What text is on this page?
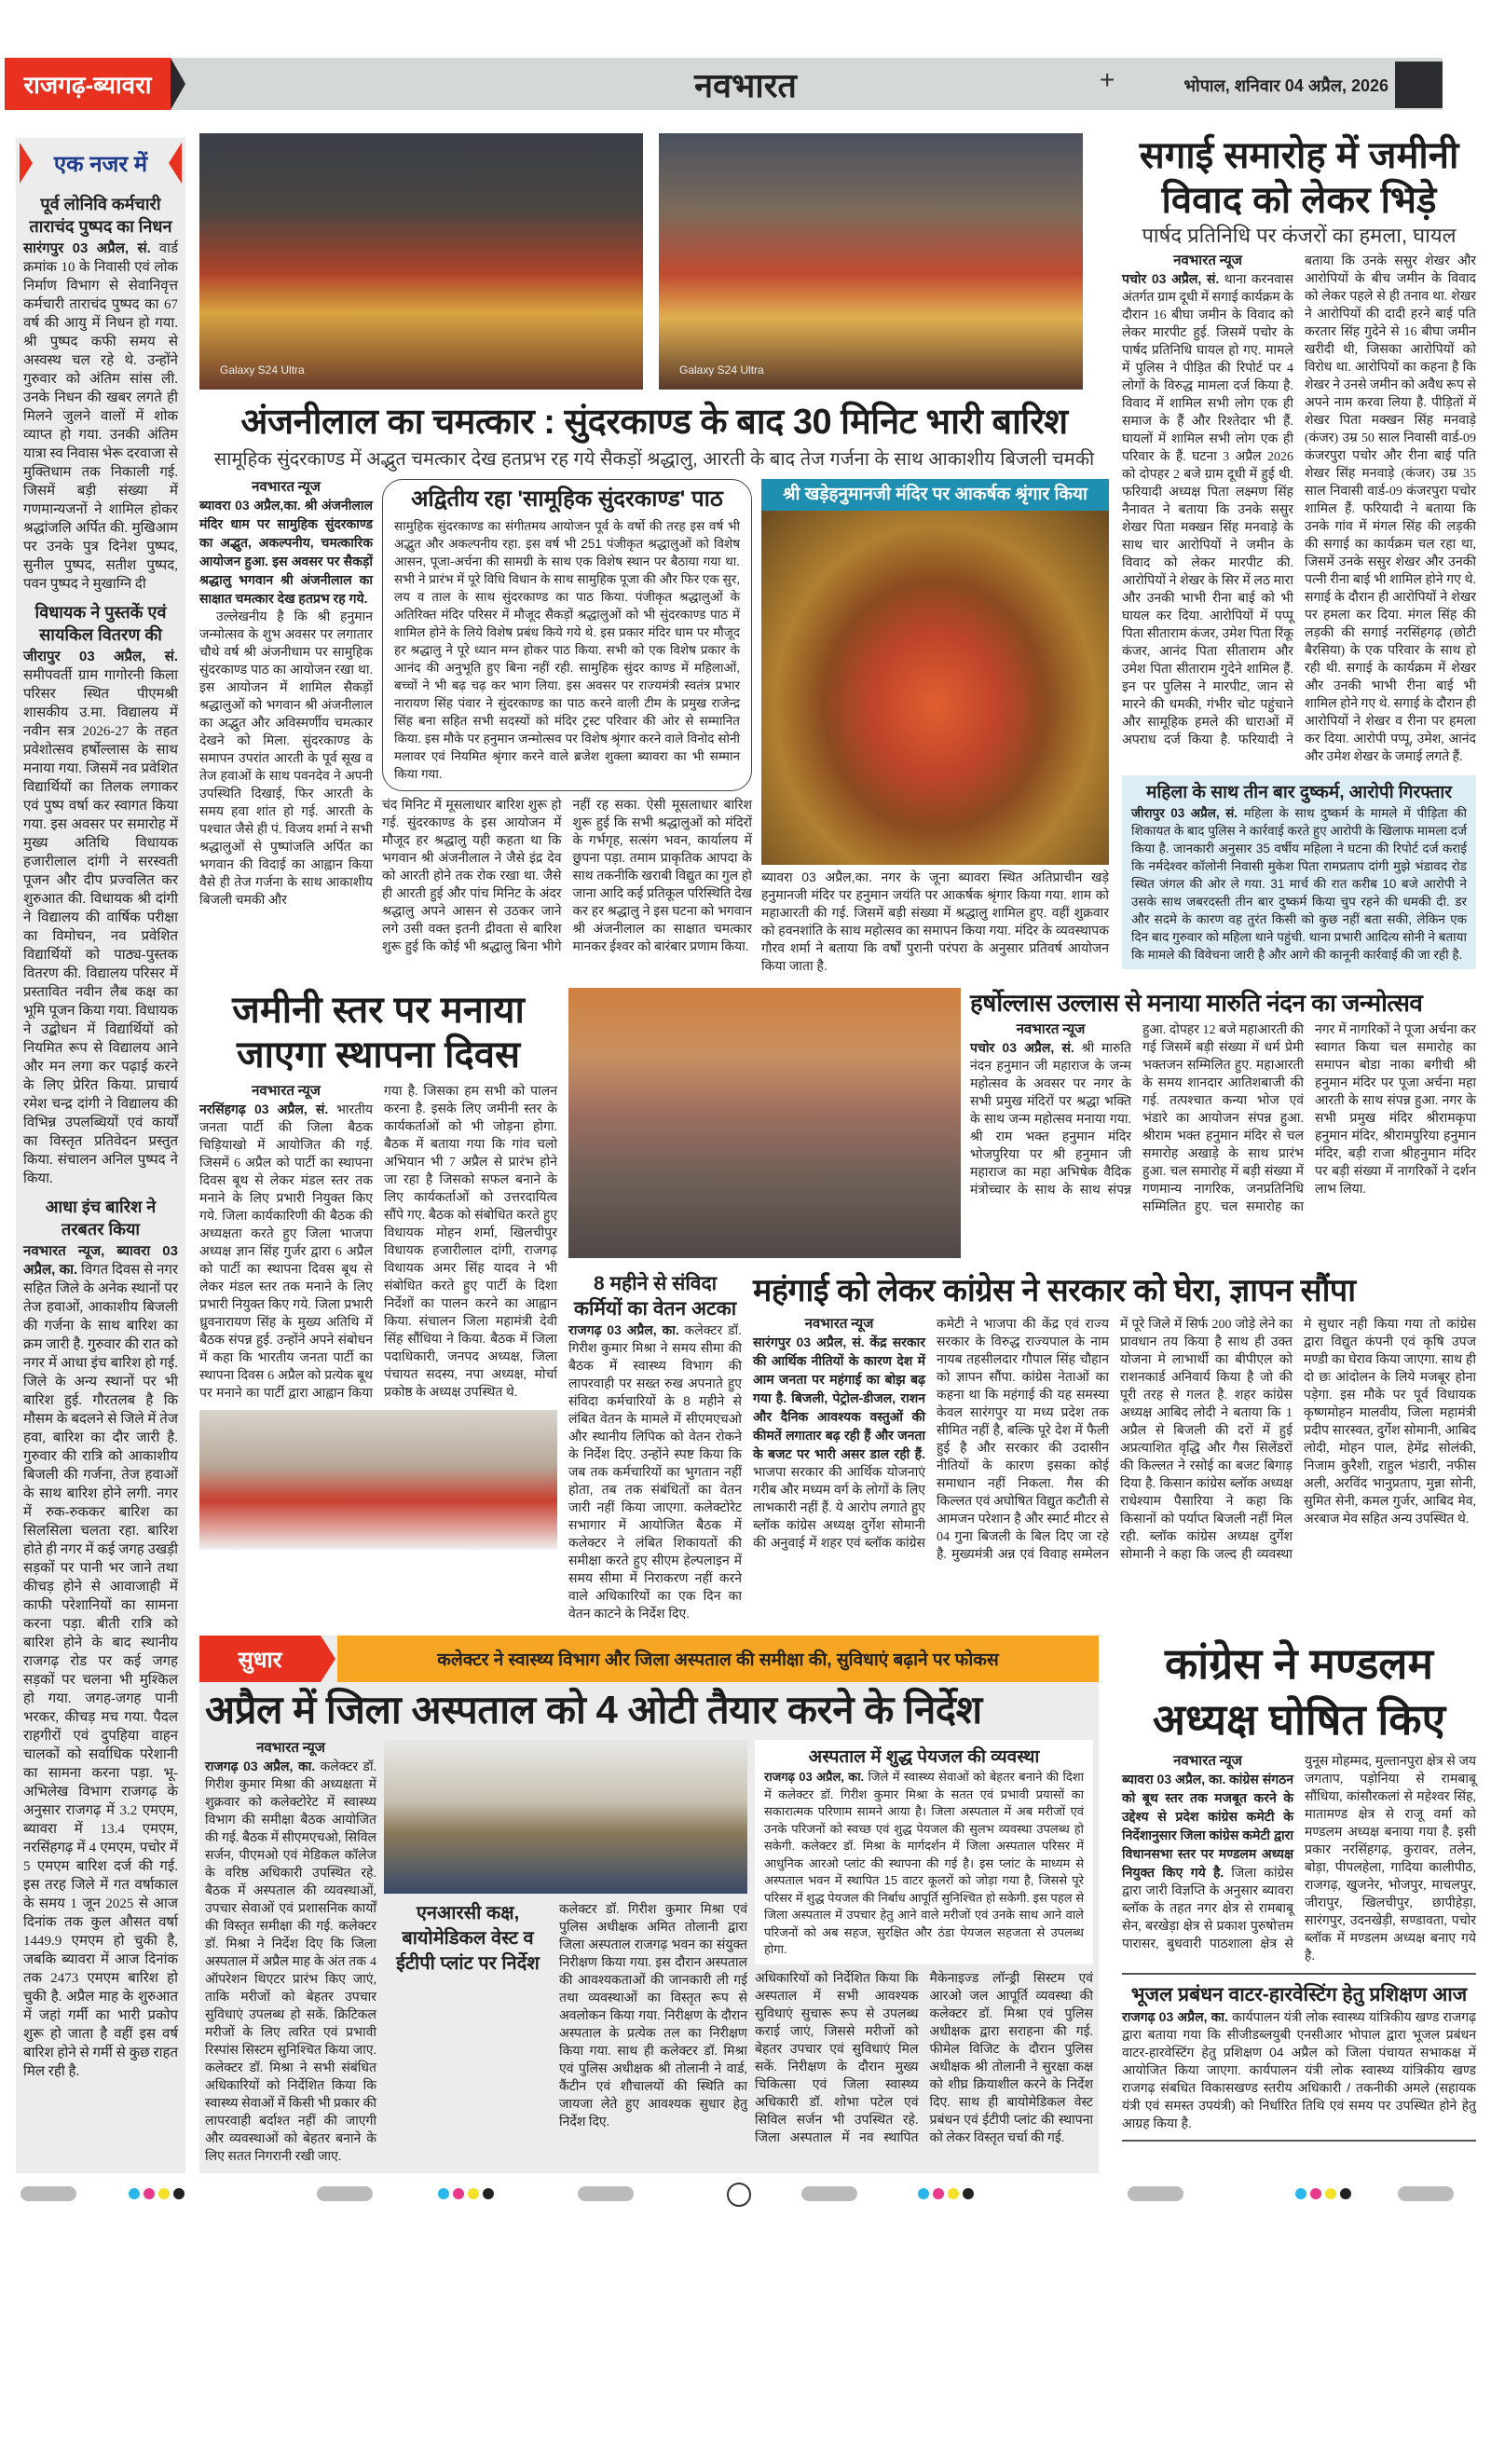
राजगढ़-ब्यावरा	नवभारत	+	भोपाल, शनिवार 04 अप्रैल, 2026
एक नजर में
पूर्व लोनिवि कर्मचारी ताराचंद पुष्पद का निधन
सारंगपुर 03 अप्रैल, सं. वार्ड क्रमांक 10 के निवासी एवं लोक निर्माण विभाग से सेवानिवृत्त कर्मचारी ताराचंद पुष्पद का 67 वर्ष की आयु में निधन हो गया. श्री पुष्पद कफी समय से अस्वस्थ चल रहे थे. उन्होंने गुरुवार को अंतिम सांस ली. उनके निधन की खबर लगते ही मिलने जुलने वालों में शोक व्याप्त हो गया. उनकी अंतिम यात्रा स्व निवास भेरू दरवाजा से मुक्तिधाम तक निकाली गई. जिसमें बड़ी संख्या में गणमान्यजनों ने शामिल होकर श्रद्धांजलि अर्पित की. मुखिआम पर उनके पुत्र दिनेश पुष्पद, सुनील पुष्पद, सतीश पुष्पद, पवन पुष्पद ने मुखाग्नि दी
विधायक ने पुस्तकें एवं सायकिल वितरण की
जीरापुर 03 अप्रैल, सं. समीपवर्ती ग्राम गागोरनी किला परिसर स्थित पीएमश्री शासकीय उ.मा. विद्यालय में नवीन सत्र 2026-27 के तहत प्रवेशोत्सव हर्षोल्लास के साथ मनाया गया. जिसमें नव प्रवेशित विद्यार्थियों का तिलक लगाकर एवं पुष्प वर्षा कर स्वागत किया गया. इस अवसर पर समारोह में मुख्य अतिथि विधायक हजारीलाल दांगी ने सरस्वती पूजन और दीप प्रज्वलित कर शुरुआत की. विधायक श्री दांगी ने विद्यालय की वार्षिक परीक्षा का विमोचन, नव प्रवेशित विद्यार्थियों को पाठ्य-पुस्तक वितरण की. विद्यालय परिसर में प्रस्तावित नवीन लैब कक्ष का भूमि पूजन किया गया. विधायक ने उद्बोधन में विद्यार्थियों को नियमित रूप से विद्यालय आने और मन लगा कर पढ़ाई करने के लिए प्रेरित किया. प्राचार्य रमेश चन्द्र दांगी ने विद्यालय की विभिन्न उपलब्धियों एवं कार्यों का विस्तृत प्रतिवेदन प्रस्तुत किया. संचालन अनिल पुष्पद ने किया.
आधा इंच बारिश ने तरबतर किया
नवभारत न्यूज, ब्यावरा 03 अप्रैल, का. विगत दिवस से नगर सहित जिले के अनेक स्थानों पर तेज हवाओं, आकाशीय बिजली की गर्जना के साथ बारिश का क्रम जारी है. गुरुवार की रात को नगर में आधा इंच बारिश हो गई. जिले के अन्य स्थानों पर भी बारिश हुई. गौरतलब है कि मौसम के बदलने से जिले में तेज हवा, बारिश का दौर जारी है. गुरुवार की रात्रि को आकाशीय बिजली की गर्जना, तेज हवाओं के साथ बारिश होने लगी. नगर में रुक-रुककर बारिश का सिलसिला चलता रहा. बारिश होते ही नगर में कई जगह उखड़ी सड़कों पर पानी भर जाने तथा कीचड़ होने से आवाजाही में काफी परेशानियों का सामना करना पड़ा. बीती रात्रि को बारिश होने के बाद स्थानीय राजगढ़ रोड पर कई जगह सड़कों पर चलना भी मुश्किल हो गया. जगह-जगह पानी भरकर, कीचड़ मच गया. पैदल राहगीरों एवं दुपहिया वाहन चालकों को सर्वाधिक परेशानी का सामना करना पड़ा. भू-अभिलेख विभाग राजगढ़ के अनुसार राजगढ़ में 3.2 एमएम, ब्यावरा में 13.4 एमएम, नरसिंहगढ़ में 4 एमएम, पचोर में 5 एमएम बारिश दर्ज की गई. इस तरह जिले में गत वर्षाकाल के समय 1 जून 2025 से आज दिनांक तक कुल औसत वर्षा 1449.9 एमएम हो चुकी है, जबकि ब्यावरा में आज दिनांक तक 2473 एमएम बारिश हो चुकी है. अप्रैल माह के शुरुआत में जहां गर्मी का भारी प्रकोप शुरू हो जाता है वहीं इस वर्ष बारिश होने से गर्मी से कुछ राहत मिल रही है.
Galaxy S24 Ultra	Galaxy S24 Ultra
अंजनीलाल का चमत्कार : सुंदरकाण्ड के बाद 30 मिनिट भारी बारिश
सामूहिक सुंदरकाण्ड में अद्भुत चमत्कार देख हतप्रभ रह गये सैकड़ों श्रद्धालु, आरती के बाद तेज गर्जना के साथ आकाशीय बिजली चमकी
नवभारत न्यूज
ब्यावरा 03 अप्रैल,का. श्री अंजनीलाल मंदिर धाम पर सामुहिक सुंदरकाण्ड का अद्भुत, अकल्पनीय, चमत्कारिक आयोजन हुआ. इस अवसर पर सैकड़ों श्रद्धालु भगवान श्री अंजनीलाल का साक्षात चमत्कार देख हतप्रभ रह गये.
उल्लेखनीय है कि श्री हनुमान जन्मोत्सव के शुभ अवसर पर लगातार चौथे वर्ष श्री अंजनीधाम पर सामुहिक सुंदरकाण्ड पाठ का आयोजन रखा था. इस आयोजन में शामिल सैकड़ों श्रद्धालुओं को भगवान श्री अंजनीलाल का अद्भुत और अविस्मर्णीय चमत्कार देखने को मिला. सुंदरकाण्ड के समापन उपरांत आरती के पूर्व सूख व तेज हवाओं के साथ पवनदेव ने अपनी उपस्थिति दिखाई, फिर आरती के समय हवा शांत हो गई. आरती के पश्चात जैसे ही पं. विजय शर्मा ने सभी श्रद्धालुओं से पुष्पांजलि अर्पित का भगवान की विदाई का आह्वान किया वैसे ही तेज गर्जना के साथ आकाशीय बिजली चमकी और
अद्वितीय रहा 'सामूहिक सुंदरकाण्ड' पाठ
सामुहिक सुंदरकाण्ड का संगीतमय आयोजन पूर्व के वर्षो की तरह इस वर्ष भी अद्भुत और अकल्पनीय रहा. इस वर्ष भी 251 पंजीकृत श्रद्धालुओं को विशेष आसन, पूजा-अर्चना की सामग्री के साथ एक विशेष स्थान पर बैठाया गया था. सभी ने प्रारंभ में पूरे विधि विधान के साथ सामुहिक पूजा की और फिर एक सुर, लय व ताल के साथ सुंदरकाण्ड का पाठ किया. पंजीकृत श्रद्धालुओं के अतिरिक्त मंदिर परिसर में मौजूद सैकड़ों श्रद्धालुओं को भी सुंदरकाण्ड पाठ में शामिल होने के लिये विशेष प्रबंध किये गये थे. इस प्रकार मंदिर धाम पर मौजूद हर श्रद्धालु ने पूरे ध्यान मग्न होकर पाठ किया. सभी को एक विशेष प्रकार के आनंद की अनुभूति हुए बिना नहीं रही. सामुहिक सुंदर काण्ड में महिलाओं, बच्चों ने भी बढ़ चढ़ कर भाग लिया. इस अवसर पर राज्यमंत्री स्वतंत्र प्रभार नारायण सिंह पंवार ने सुंदरकाण्ड का पाठ करने वाली टीम के प्रमुख राजेन्द्र सिंह बना सहित सभी सदस्यों को मंदिर ट्रस्ट परिवार की ओर से सम्मानित किया. इस मौके पर हनुमान जन्मोत्सव पर विशेष श्रृंगार करने वाले विनोद सोनी मलावर एवं नियमित श्रृंगार करने वाले ब्रजेश शुक्ला ब्यावरा का भी सम्मान किया गया.
चंद मिनिट में मूसलाधार बारिश शुरू हो गई. सुंदरकाण्ड के इस आयोजन में मौजूद हर श्रद्धालु यही कहता था कि भगवान श्री अंजनीलाल ने जैसे इंद्र देव को आरती होने तक रोक रखा था. जैसे ही आरती हुई और पांच मिनिट के अंदर श्रद्धालु अपने आसन से उठकर जाने लगे उसी वक्त इतनी द्रीवता से बारिश शुरू हुई कि कोई भी श्रद्धालु बिना भीगे नहीं रह सका. ऐसी मूसलाधार बारिश शुरू हुई कि सभी श्रद्धालुओं को मंदिरों के गर्भगृह, सत्संग भवन, कार्यालय में छुपना पड़ा. तमाम प्राकृतिक आपदा के साथ तकनीकि खराबी विद्युत का गुल हो जाना आदि कई प्रतिकूल परिस्थिति देख कर हर श्रद्धालु ने इस घटना को भगवान श्री अंजनीलाल का साक्षात चमत्कार मानकर ईश्वर को बारंबार प्रणाम किया.
श्री खड़ेहनुमानजी मंदिर पर आकर्षक श्रृंगार किया
ब्यावरा 03 अप्रैल,का. नगर के जूना ब्यावरा स्थित अतिप्राचीन खड़े हनुमानजी मंदिर पर हनुमान जयंति पर आकर्षक श्रृंगार किया गया. शाम को महाआरती की गई. जिसमें बड़ी संख्या में श्रद्धालु शामिल हुए. वहीं शुक्रवार को हवनशांति के साथ महोत्सव का समापन किया गया. मंदिर के व्यवस्थापक गौरव शर्मा ने बताया कि वर्षों पुरानी परंपरा के अनुसार प्रतिवर्ष आयोजन किया जाता है.
सगाई समारोह में जमीनी विवाद को लेकर भिड़े
पार्षद प्रतिनिधि पर कंजरों का हमला, घायल
नवभारत न्यूज
पचोर 03 अप्रैल, सं. थाना करनवास अंतर्गत ग्राम दूधी में सगाई कार्यक्रम के दौरान 16 बीघा जमीन के विवाद को लेकर मारपीट हुई. जिसमें पचोर के पार्षद प्रतिनिधि घायल हो गए. मामले में पुलिस ने पीड़ित की रिपोर्ट पर 4 लोगों के विरुद्ध मामला दर्ज किया है. विवाद में शामिल सभी लोग एक ही समाज के हैं और रिश्तेदार भी हैं. घायलों में शामिल सभी लोग एक ही परिवार के हैं. घटना 3 अप्रैल 2026 को दोपहर 2 बजे ग्राम दूधी में हुई थी. फरियादी अध्यक्ष पिता लक्ष्मण सिंह नैनावत ने बताया कि उनके ससुर शेखर पिता मक्खन सिंह मनवाड़े के साथ चार आरोपियों ने जमीन के विवाद को लेकर मारपीट की. आरोपियों ने शेखर के सिर में लठ मारा और उनकी भाभी रीना बाई को भी घायल कर दिया. आरोपियों में पप्पू पिता सीताराम कंजर, उमेश पिता रिंकू कंजर, आनंद पिता सीताराम और उमेश पिता सीताराम गुदेने शामिल हैं. इन पर पुलिस ने मारपीट, जान से मारने की धमकी, गंभीर चोट पहुंचाने और सामूहिक हमले की धाराओं में अपराध दर्ज किया है. फरियादी ने बताया कि उनके ससुर शेखर और आरोपियों के बीच जमीन के विवाद को लेकर पहले से ही तनाव था. शेखर ने आरोपियों की दादी हरने बाई पति करतार सिंह गुदेने से 16 बीघा जमीन खरीदी थी, जिसका आरोपियों को विरोध था. आरोपियों का कहना है कि शेखर ने उनसे जमीन को अवैध रूप से अपने नाम करवा लिया है. पीड़ितों में शेखर पिता मक्खन सिंह मनवाड़े (कंजर) उम्र 50 साल निवासी वार्ड-09 कंजरपुरा पचोर और रीना बाई पति शेखर सिंह मनवाड़े (कंजर) उम्र 35 साल निवासी वार्ड-09 कंजरपुरा पचोर शामिल हैं. फरियादी ने बताया कि उनके गांव में मंगल सिंह की लड़की की सगाई का कार्यक्रम चल रहा था, जिसमें उनके ससुर शेखर और उनकी पत्नी रीना बाई भी शामिल होने गए थे. सगाई के दौरान ही आरोपियों ने शेखर पर हमला कर दिया. मंगल सिंह की लड़की की सगाई नरसिंहगढ़ (छोटी बैरसिया) के एक परिवार के साथ हो रही थी. सगाई के कार्यक्रम में शेखर और उनकी भाभी रीना बाई भी शामिल होने गए थे. सगाई के दौरान ही आरोपियों ने शेखर व रीना पर हमला कर दिया. आरोपी पप्पू, उमेश, आनंद और उमेश शेखर के जमाई लगते हैं.
महिला के साथ तीन बार दुष्कर्म, आरोपी गिरफ्तार
जीरापुर 03 अप्रैल, सं. महिला के साथ दुष्कर्म के मामले में पीड़िता की शिकायत के बाद पुलिस ने कार्रवाई करते हुए आरोपी के खिलाफ मामला दर्ज किया है. जानकारी अनुसार 35 वर्षीय महिला ने घटना की रिपोर्ट दर्ज कराई कि नर्मदेश्वर कॉलोनी निवासी मुकेश पिता रामप्रताप दांगी मुझे भंडावद रोड स्थित जंगल की ओर ले गया. 31 मार्च की रात करीब 10 बजे आरोपी ने उसके साथ जबरदस्ती तीन बार दुष्कर्म किया चुप रहने की धमकी दी. डर और सदमे के कारण वह तुरंत किसी को कुछ नहीं बता सकी, लेकिन एक दिन बाद गुरुवार को महिला थाने पहुंची. थाना प्रभारी आदित्य सोनी ने बताया कि मामले की विवेचना जारी है और आगे की कानूनी कार्रवाई की जा रही है.
जमीनी स्तर पर मनाया जाएगा स्थापना दिवस
नवभारत न्यूज
नरसिंहगढ़ 03 अप्रैल, सं. भारतीय जनता पार्टी की जिला बैठक चिड़ियाखो में आयोजित की गई. जिसमें 6 अप्रैल को पार्टी का स्थापना दिवस बूथ से लेकर मंडल स्तर तक मनाने के लिए प्रभारी नियुक्त किए गये. जिला कार्यकारिणी की बैठक की अध्यक्षता करते हुए जिला भाजपा अध्यक्ष ज्ञान सिंह गुर्जर द्वारा 6 अप्रैल को पार्टी का स्थापना दिवस बूथ से लेकर मंडल स्तर तक मनाने के लिए प्रभारी नियुक्त किए गये. जिला प्रभारी ध्रुवनारायण सिंह के मुख्य अतिथि में बैठक संपन्न हुई. उन्होंने अपने संबोधन में कहा कि भारतीय जनता पार्टी का स्थापना दिवस 6 अप्रैल को प्रत्येक बूथ पर मनाने का पार्टी द्वारा आह्वान किया गया है. जिसका हम सभी को पालन करना है. इसके लिए जमीनी स्तर के कार्यकर्ताओं को भी जोड़ना होगा. बैठक में बताया गया कि गांव चलो अभियान भी 7 अप्रैल से प्रारंभ होने जा रहा है जिसको सफल बनाने के लिए कार्यकर्ताओं को उत्तरदायित्व सौंपे गए. बैठक को संबोधित करते हुए विधायक मोहन शर्मा, खिलचीपुर विधायक हजारीलाल दांगी, राजगढ़ विधायक अमर सिंह यादव ने भी संबोधित करते हुए पार्टी के दिशा निर्देशों का पालन करने का आह्वान किया. संचालन जिला महामंत्री देवी सिंह सौंधिया ने किया. बैठक में जिला पदाधिकारी, जनपद अध्यक्ष, जिला पंचायत सदस्य, नपा अध्यक्ष, मोर्चा प्रकोष्ठ के अध्यक्ष उपस्थित थे.
हर्षोल्लास उल्लास से मनाया मारुति नंदन का जन्मोत्सव
नवभारत न्यूज
पचोर 03 अप्रैल, सं. श्री मारुति नंदन हनुमान जी महाराज के जन्म महोत्सव के अवसर पर नगर के सभी प्रमुख मंदिरों पर श्रद्धा भक्ति के साथ जन्म महोत्सव मनाया गया. श्री राम भक्त हनुमान मंदिर भोजपुरिया पर श्री हनुमान जी महाराज का महा अभिषेक वैदिक मंत्रोच्चार के साथ के साथ संपन्न हुआ. दोपहर 12 बजे महाआरती की गई जिसमें बड़ी संख्या में धर्म प्रेमी भक्तजन सम्मिलित हुए. महाआरती के समय शानदार आतिशबाजी की गई. तत्पश्चात कन्या भोज एवं भंडारे का आयोजन संपन्न हुआ. श्रीराम भक्त हनुमान मंदिर से चल समारोह अखाड़े के साथ प्रारंभ हुआ. चल समारोह में बड़ी संख्या में गणमान्य नागरिक, जनप्रतिनिधि सम्मिलित हुए. चल समारोह का नगर में नागरिकों ने पूजा अर्चना कर स्वागत किया चल समारोह का समापन बोडा नाका बगीची श्री हनुमान मंदिर पर पूजा अर्चना महा आरती के साथ संपन्न हुआ. नगर के सभी प्रमुख मंदिर श्रीरामकृपा हनुमान मंदिर, श्रीरामपुरिया हनुमान मंदिर, बड़ी राजा श्रीहनुमान मंदिर पर बड़ी संख्या में नागरिकों ने दर्शन लाभ लिया.
8 महीने से संविदा कर्मियों का वेतन अटका
राजगढ़ 03 अप्रैल, का. कलेक्टर डॉ. गिरीश कुमार मिश्रा ने समय सीमा की बैठक में स्वास्थ्य विभाग की लापरवाही पर सख्त रुख अपनाते हुए संविदा कर्मचारियों के 8 महीने से लंबित वेतन के मामले में सीएमएचओ और स्थानीय लिपिक को वेतन रोकने के निर्देश दिए. उन्होंने स्पष्ट किया कि जब तक कर्मचारियों का भुगतान नहीं होता, तब तक संबंधितों का वेतन जारी नहीं किया जाएगा. कलेक्टोरेट सभागार में आयोजित बैठक में कलेक्टर ने लंबित शिकायतों की समीक्षा करते हुए सीएम हेल्पलाइन में समय सीमा में निराकरण नहीं करने वाले अधिकारियों का एक दिन का वेतन काटने के निर्देश दिए.
महंगाई को लेकर कांग्रेस ने सरकार को घेरा, ज्ञापन सौंपा
नवभारत न्यूज
सारंगपुर 03 अप्रैल, सं. केंद्र सरकार की आर्थिक नीतियों के कारण देश में आम जनता पर महंगाई का बोझ बढ़ गया है. बिजली, पेट्रोल-डीजल, राशन और दैनिक आवश्यक वस्तुओं की कीमतें लगातार बढ़ रही हैं और जनता के बजट पर भारी असर डाल रही हैं. भाजपा सरकार की आर्थिक योजनाएं गरीब और मध्यम वर्ग के लोगों के लिए लाभकारी नहीं हैं. ये आरोप लगाते हुए ब्लॉक कांग्रेस अध्यक्ष दुर्गेश सोमानी की अनुवाई में शहर एवं ब्लॉक कांग्रेस कमेटी ने भाजपा की केंद्र एवं राज्य सरकार के विरुद्ध राज्यपाल के नाम नायब तहसीलदार गौपाल सिंह चौहान को ज्ञापन सौंपा. कांग्रेस नेताओं का कहना था कि महंगाई की यह समस्या केवल सारंगपुर या मध्य प्रदेश तक सीमित नहीं है, बल्कि पूरे देश में फैली हुई है और सरकार की उदासीन नीतियों के कारण इसका कोई समाधान नहीं निकला. गैस की किल्लत एवं अघोषित विद्युत कटौती से आमजन परेशान है और स्मार्ट मीटर से 04 गुना बिजली के बिल दिए जा रहे है. मुख्यमंत्री अन्न एवं विवाह सम्मेलन में पूरे जिले में सिर्फ 200 जोड़े लेने का प्रावधान तय किया है साथ ही उक्त योजना मे लाभार्थी का बीपीएल को राशनकार्ड अनिवार्य किया है जो की पूरी तरह से गलत है. शहर कांग्रेस अध्यक्ष आबिद लोदी ने बताया कि 1 अप्रैल से बिजली की दरों में हुई अप्रत्याशित वृद्धि और गैस सिलेंडरों की किल्लत ने रसोई का बजट बिगाड़ दिया है. किसान कांग्रेस ब्लॉक अध्यक्ष राधेश्याम पैसारिया ने कहा कि किसानों को पर्याप्त बिजली नहीं मिल रही. ब्लॉक कांग्रेस अध्यक्ष दुर्गेश सोमानी ने कहा कि जल्द ही व्यवस्था मे सुधार नही किया गया तो कांग्रेस द्वारा विद्युत कंपनी एवं कृषि उपज मण्डी का घेराव किया जाएगा. साथ ही दो छः आंदोलन के लिये मजबूर होना पड़ेगा. इस मौके पर पूर्व विधायक कृष्णमोहन मालवीय, जिला महामंत्री प्रदीप सारस्वत, दुर्गेश सोमानी, आबिद लोदी, मोहन पाल, हेमेंद्र सोलंकी, निजाम कुरैशी, राहुल भंडारी, नफीस अली, अरविंद भानुप्रताप, मुन्ना सोनी, सुमित सेनी, कमल गुर्जर, आबिद मेव, अरबाज मेव सहित अन्य उपस्थित थे.
सुधार	कलेक्टर ने स्वास्थ्य विभाग और जिला अस्पताल की समीक्षा की, सुविधाएं बढ़ाने पर फोकस
अप्रैल में जिला अस्पताल को 4 ओटी तैयार करने के निर्देश
नवभारत न्यूज
राजगढ़ 03 अप्रैल, का. कलेक्टर डॉ. गिरीश कुमार मिश्रा की अध्यक्षता में शुक्रवार को कलेक्टोरेट में स्वास्थ्य विभाग की समीक्षा बैठक आयोजित की गई. बैठक में सीएमएचओ, सिविल सर्जन, पीएमओ एवं मेडिकल कॉलेज के वरिष्ठ अधिकारी उपस्थित रहे. बैठक में अस्पताल की व्यवस्थाओं, उपचार सेवाओं एवं प्रशासनिक कार्यों की विस्तृत समीक्षा की गई. कलेक्टर डॉ. मिश्रा ने निर्देश दिए कि जिला अस्पताल में अप्रैल माह के अंत तक 4 ऑपरेशन थिएटर प्रारंभ किए जाएं, ताकि मरीजों को बेहतर उपचार सुविधाएं उपलब्ध हो सकें. क्रिटिकल मरीजों के लिए त्वरित एवं प्रभावी रिस्पांस सिस्टम सुनिश्चित किया जाए. कलेक्टर डॉ. मिश्रा ने सभी संबंधित अधिकारियों को निर्देशित किया कि स्वास्थ्य सेवाओं में किसी भी प्रकार की लापरवाही बर्दाश्त नहीं की जाएगी और व्यवस्थाओं को बेहतर बनाने के लिए सतत निगरानी रखी जाए.
एनआरसी कक्ष, बायोमेडिकल वेस्ट व ईटीपी प्लांट पर निर्देश
कलेक्टर डॉ. गिरीश कुमार मिश्रा एवं पुलिस अधीक्षक अमित तोलानी द्वारा जिला अस्पताल राजगढ़ भवन का संयुक्त निरीक्षण किया गया. इस दौरान अस्पताल की आवश्यकताओं की जानकारी ली गई तथा व्यवस्थाओं का विस्तृत रूप से अवलोकन किया गया. निरीक्षण के दौरान अस्पताल के प्रत्येक तल का निरीक्षण किया गया. साथ ही कलेक्टर डॉ. मिश्रा एवं पुलिस अधीक्षक श्री तोलानी ने वार्ड, कैंटीन एवं शौचालयों की स्थिति का जायजा लेते हुए आवश्यक सुधार हेतु निर्देश दिए.
अस्पताल में शुद्ध पेयजल की व्यवस्था
राजगढ़ 03 अप्रैल, का. जिले में स्वास्थ्य सेवाओं को बेहतर बनाने की दिशा में कलेक्टर डॉ. गिरीश कुमार मिश्रा के सतत एवं प्रभावी प्रयासों का सकारात्मक परिणाम सामने आया है। जिला अस्पताल में अब मरीजों एवं उनके परिजनों को स्वच्छ एवं शुद्ध पेयजल की सुलभ व्यवस्था उपलब्ध हो सकेगी. कलेक्टर डॉ. मिश्रा के मार्गदर्शन में जिला अस्पताल परिसर में आधुनिक आरओ प्लांट की स्थापना की गई है। इस प्लांट के माध्यम से अस्पताल भवन में स्थापित 15 वाटर कूलरों को जोड़ा गया है, जिससे पूरे परिसर में शुद्ध पेयजल की निर्बाध आपूर्ति सुनिश्चित हो सकेगी. इस पहल से जिला अस्पताल में उपचार हेतु आने वाले मरीजों एवं उनके साथ आने वाले परिजनों को अब सहज, सुरक्षित और ठंडा पेयजल सहजता से उपलब्ध होगा.
अधिकारियों को निर्देशित किया कि अस्पताल में सभी आवश्यक सुविधाएं सुचारू रूप से उपलब्ध कराई जाएं, जिससे मरीजों को बेहतर उपचार एवं सुविधाएं मिल सकें. निरीक्षण के दौरान मुख्य चिकित्सा एवं जिला स्वास्थ्य अधिकारी डॉ. शोभा पटेल एवं सिविल सर्जन भी उपस्थित रहे. जिला अस्पताल में नव स्थापित मैकेनाइज्ड लॉन्ड्री सिस्टम एवं आरओ जल आपूर्ति व्यवस्था की कलेक्टर डॉ. मिश्रा एवं पुलिस अधीक्षक द्वारा सराहना की गई. फीमेल विजिट के दौरान पुलिस अधीक्षक श्री तोलानी ने सुरक्षा कक्ष को शीघ्र क्रियाशील करने के निर्देश दिए. साथ ही बायोमेडिकल वेस्ट प्रबंधन एवं ईटीपी प्लांट की स्थापना को लेकर विस्तृत चर्चा की गई.
कांग्रेस ने मण्डलम अध्यक्ष घोषित किए
नवभारत न्यूज
ब्यावरा 03 अप्रैल, का. कांग्रेस संगठन को बूथ स्तर तक मजबूत करने के उद्देश्य से प्रदेश कांग्रेस कमेटी के निर्देशानुसार जिला कांग्रेस कमेटी द्वारा विधानसभा स्तर पर मण्डलम अध्यक्ष नियुक्त किए गये है. जिला कांग्रेस द्वारा जारी विज्ञप्ति के अनुसार ब्यावरा ब्लॉक के तहत नगर क्षेत्र से रामबाबू सेन, बरखेड़ा क्षेत्र से प्रकाश पुरुषोत्तम पारासर, बुधवारी पाठशाला क्षेत्र से युनूस मोहम्मद, मुल्तानपुरा क्षेत्र से जय जगताप, पड़ोनिया से रामबाबू सौंधिया, कांसौरकलां से महेश्वर सिंह, मातामण्ड क्षेत्र से राजू वर्मा को मण्डलम अध्यक्ष बनाया गया है. इसी प्रकार नरसिंहगढ़, कुरावर, तलेन, बोड़ा, पीपलहेला, गादिया कालीपीठ, राजगढ़, खुजनेर, भोजपुर, माचलपुर, जीरापुर, खिलचीपुर, छापीहेड़ा, सारंगपुर, उदनखेड़ी, सण्डावता, पचोर ब्लॉक में मण्डलम अध्यक्ष बनाए गये है.
भूजल प्रबंधन वाटर-हारवेस्टिंग हेतु प्रशिक्षण आज
राजगढ़ 03 अप्रैल, का. कार्यपालन यंत्री लोक स्वास्थ्य यांत्रिकीय खण्ड राजगढ़ द्वारा बताया गया कि सीजीडब्लयुबी एनसीआर भोपाल द्वारा भूजल प्रबंधन वाटर-हारवेस्टिंग हेतु प्रशिक्षण 04 अप्रैल को जिला पंचायत सभाकक्ष में आयोजित किया जाएगा. कार्यपालन यंत्री लोक स्वास्थ्य यांत्रिकीय खण्ड राजगढ़ संबधित विकासखण्ड स्तरीय अधिकारी / तकनीकी अमले (सहायक यंत्री एवं समस्त उपयंत्री) को निर्धारित तिथि एवं समय पर उपस्थित होने हेतु आग्रह किया है.
